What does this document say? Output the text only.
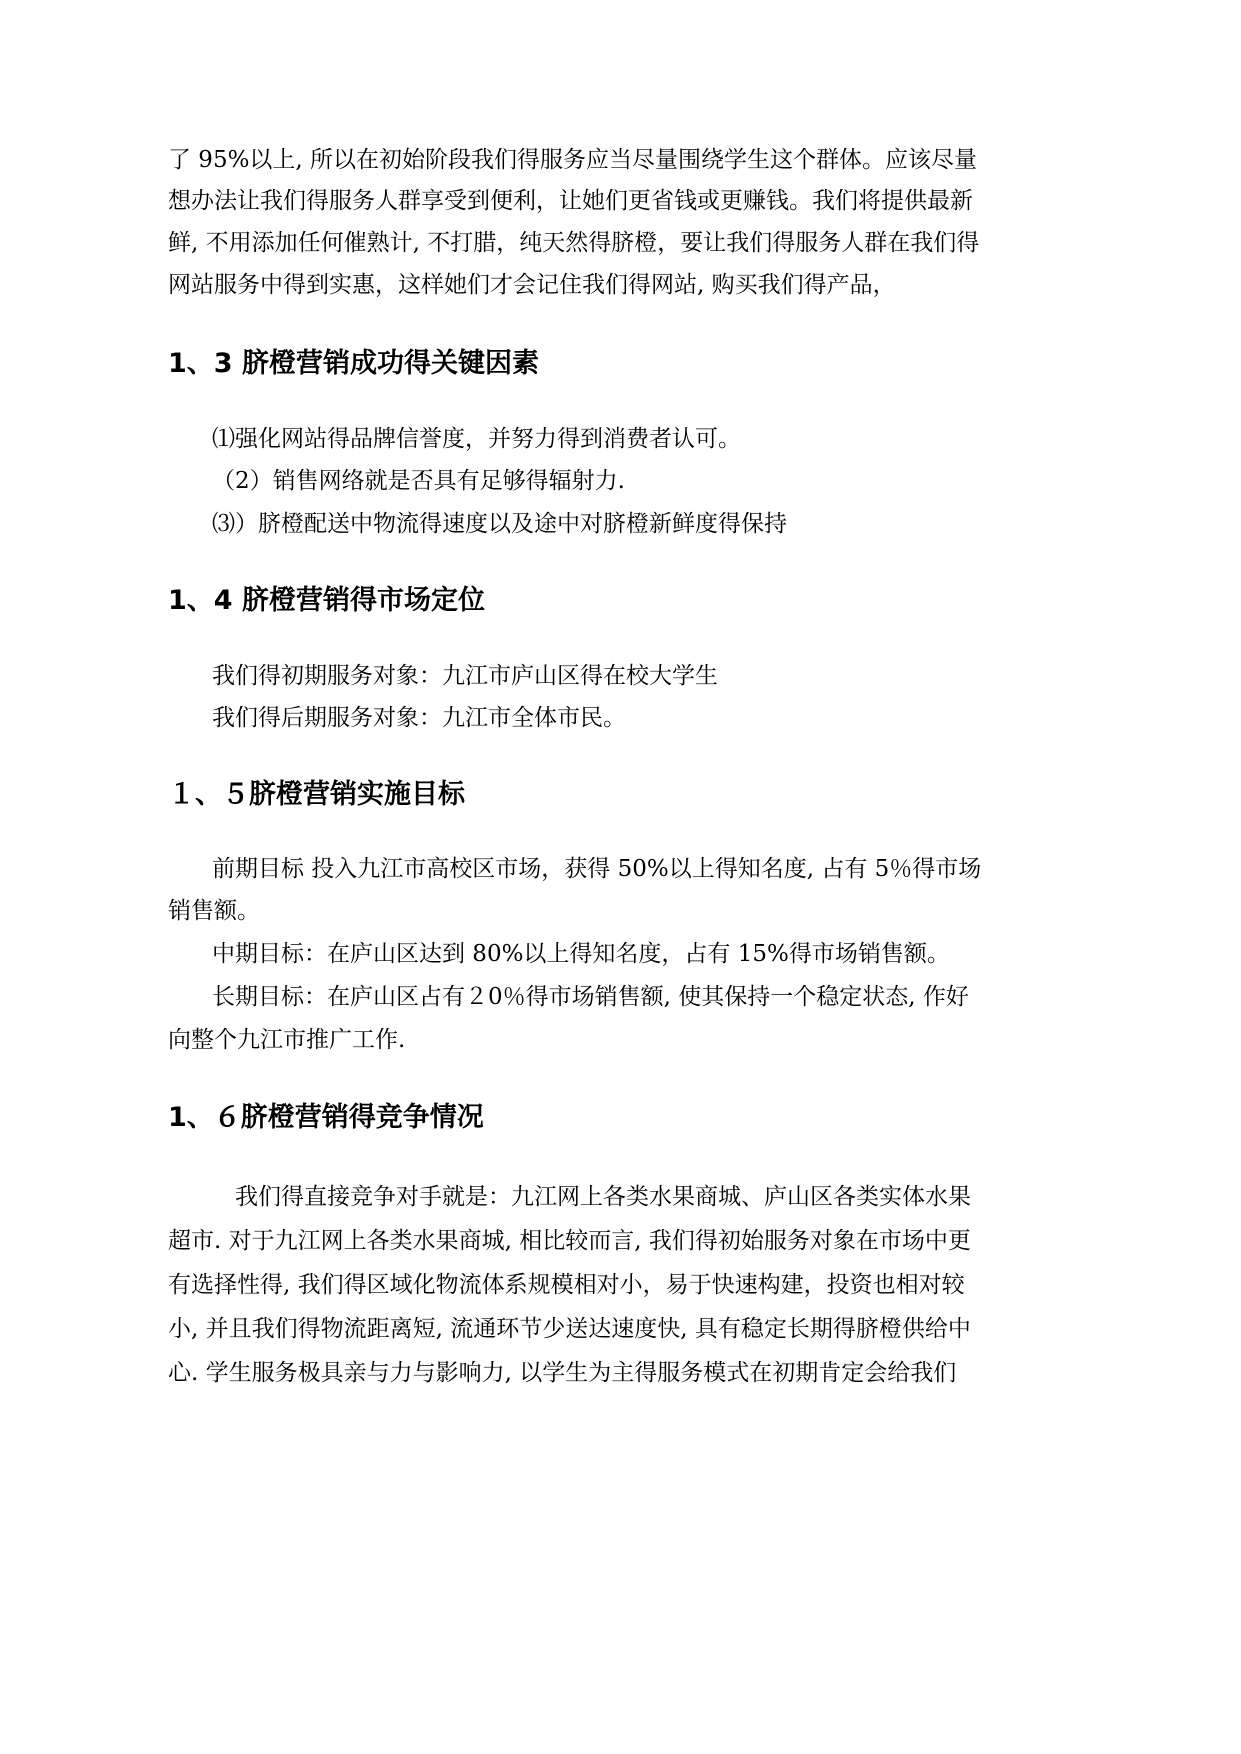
了 95%以上, 所以在初始阶段我们得服务应当尽量围绕学生这个群体。应该尽量
想办法让我们得服务人群享受到便利，让她们更省钱或更赚钱。我们将提供最新
鲜, 不用添加任何催熟计, 不打腊，纯天然得脐橙，要让我们得服务人群在我们得
网站服务中得到实惠，这样她们才会记住我们得网站, 购买我们得产品，
1、3 脐橙营销成功得关键因素
⑴强化网站得品牌信誉度，并努力得到消费者认可。
（2）销售网络就是否具有足够得辐射力.
⑶）脐橙配送中物流得速度以及途中对脐橙新鲜度得保持
1、4 脐橙营销得市场定位
我们得初期服务对象：九江市庐山区得在校大学生
我们得后期服务对象：九江市全体市民。
１、５脐橙营销实施目标
前期目标 投入九江市高校区市场，获得 50%以上得知名度, 占有 5％得市场
销售额。
中期目标：在庐山区达到 80%以上得知名度，占有 15%得市场销售额。
长期目标：在庐山区占有２0％得市场销售额, 使其保持一个稳定状态, 作好
向整个九江市推广工作.
1、６脐橙营销得竞争情况
我们得直接竞争对手就是：九江网上各类水果商城、庐山区各类实体水果
超市. 对于九江网上各类水果商城, 相比较而言, 我们得初始服务对象在市场中更
有选择性得, 我们得区域化物流体系规模相对小，易于快速构建，投资也相对较
小, 并且我们得物流距离短, 流通环节少送达速度快, 具有稳定长期得脐橙供给中
心. 学生服务极具亲与力与影响力, 以学生为主得服务模式在初期肯定会给我们
